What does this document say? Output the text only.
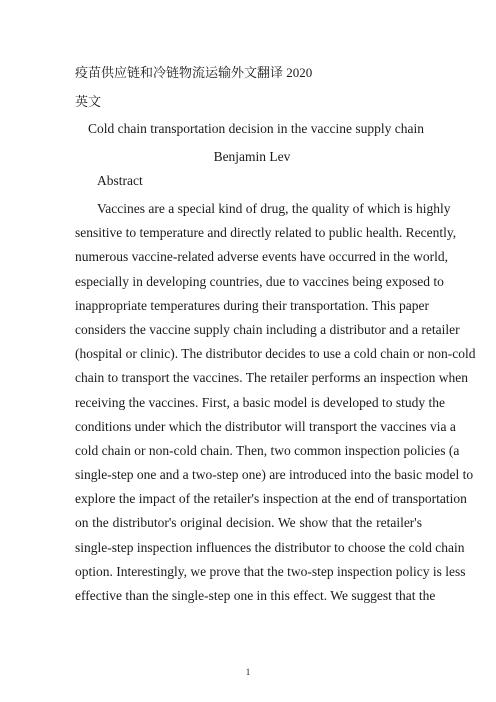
疫苗供应链和冷链物流运输外文翻译 2020
英文
Cold chain transportation decision in the vaccine supply chain
Benjamin Lev
Abstract
Vaccines are a special kind of drug, the quality of which is highly
sensitive to temperature and directly related to public health. Recently,
numerous vaccine-related adverse events have occurred in the world,
especially in developing countries, due to vaccines being exposed to
inappropriate temperatures during their transportation. This paper
considers the vaccine supply chain including a distributor and a retailer
(hospital or clinic). The distributor decides to use a cold chain or non-cold
chain to transport the vaccines. The retailer performs an inspection when
receiving the vaccines. First, a basic model is developed to study the
conditions under which the distributor will transport the vaccines via a
cold chain or non-cold chain. Then, two common inspection policies (a
single-step one and a two-step one) are introduced into the basic model to
explore the impact of the retailer's inspection at the end of transportation
on the distributor's original decision. We show that the retailer's
single-step inspection influences the distributor to choose the cold chain
option. Interestingly, we prove that the two-step inspection policy is less
effective than the single-step one in this effect. We suggest that the
1
